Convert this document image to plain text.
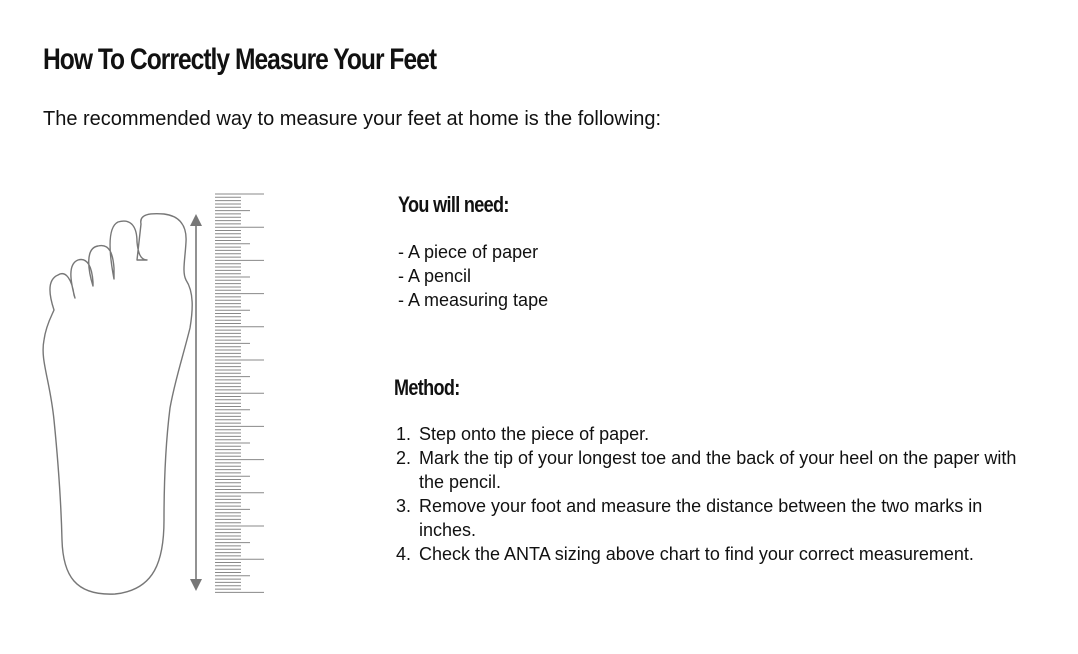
How To Correctly Measure Your Feet

The recommended way to measure your feet at home is the following:

You will need:
- A piece of paper
- A pencil
- A measuring tape
Method:
1. Step onto the piece of paper.
2. Mark the tip of your longest toe and the back of your heel on the paper with the pencil.
3. Remove your foot and measure the distance between the two marks in inches.
4. Check the ANTA sizing above chart to find your correct measurement.
